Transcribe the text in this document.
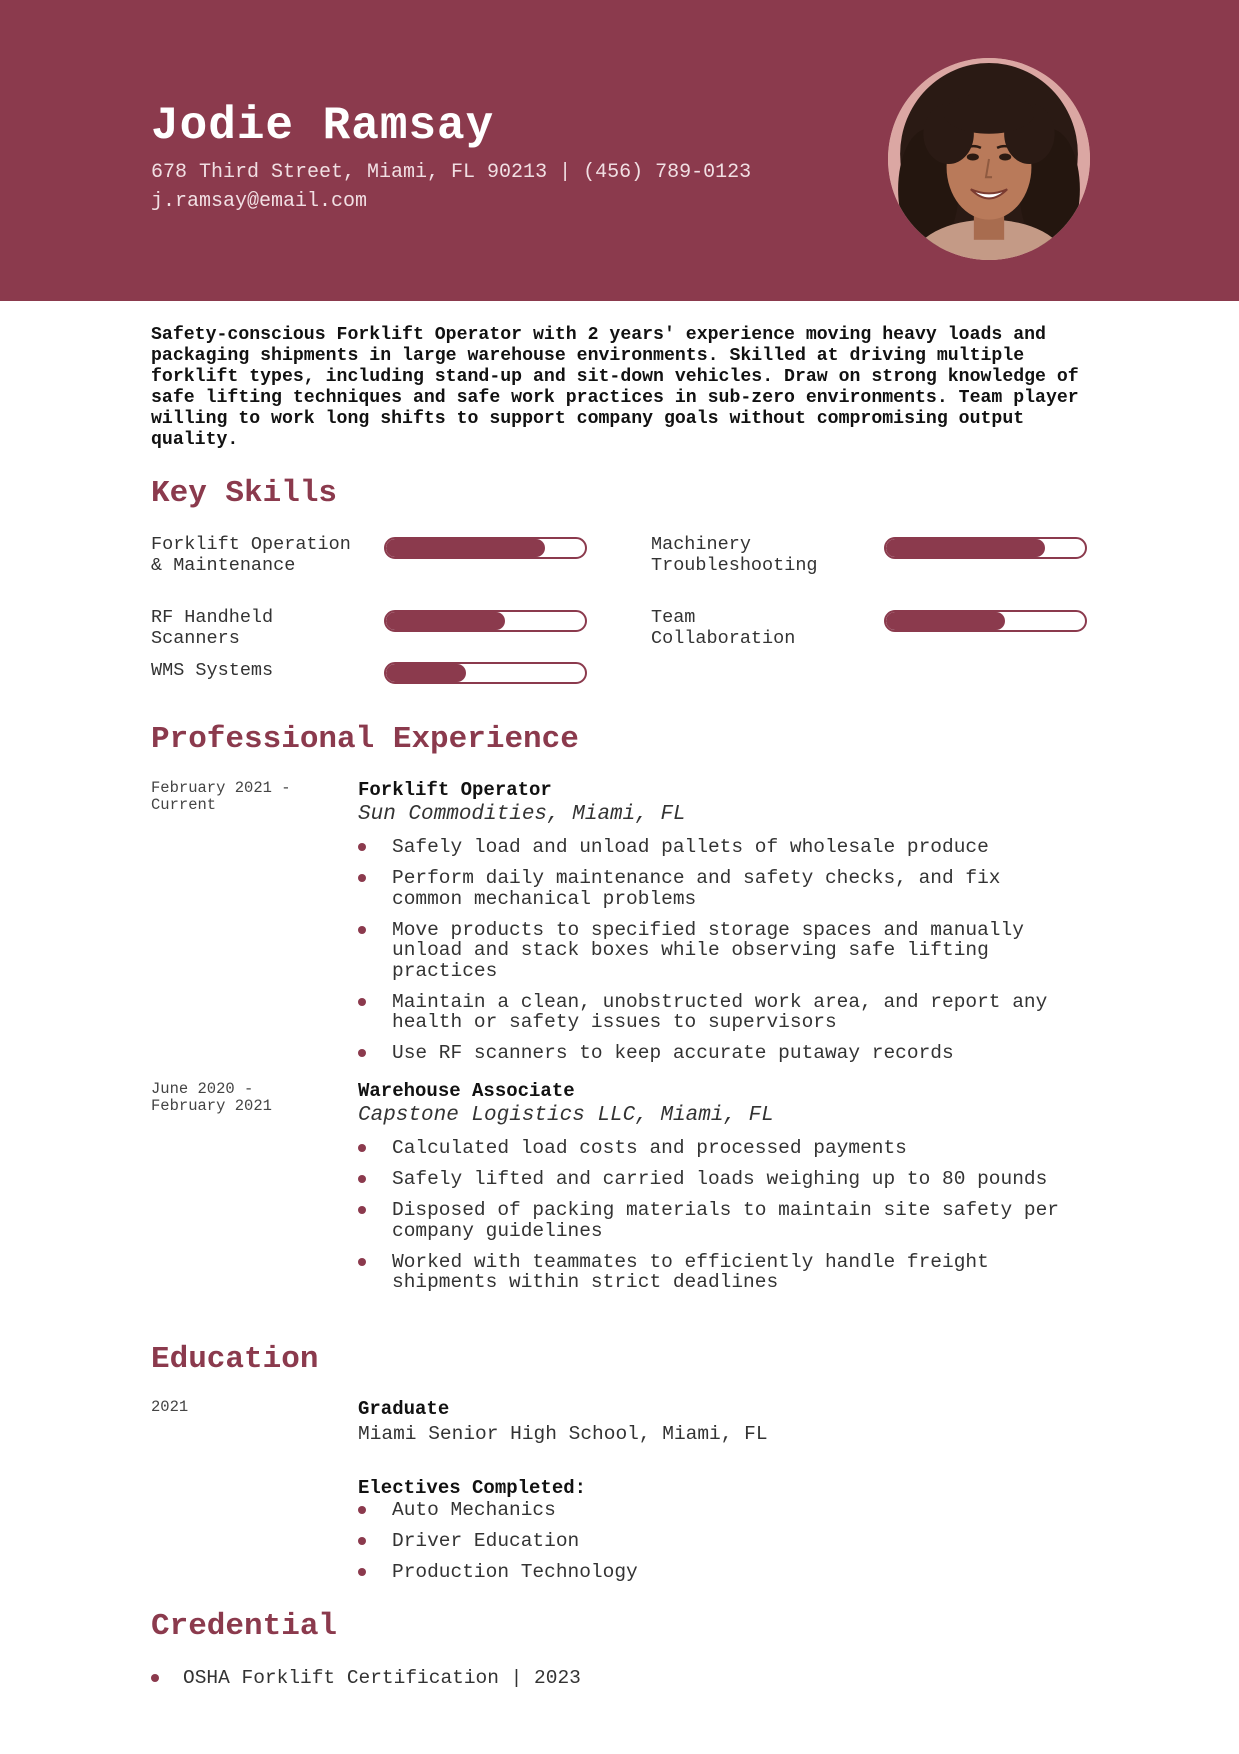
Jodie Ramsay
678 Third Street, Miami, FL 90213 | (456) 789-0123
j.ramsay@email.com
Safety-conscious Forklift Operator with 2 years' experience moving heavy loads and packaging shipments in large warehouse environments. Skilled at driving multiple forklift types, including stand-up and sit-down vehicles. Draw on strong knowledge of safe lifting techniques and safe work practices in sub-zero environments. Team player willing to work long shifts to support company goals without compromising output quality.
Key Skills
Forklift Operation & Maintenance
Machinery Troubleshooting
RF Handheld Scanners
Team Collaboration
WMS Systems
Professional Experience
February 2021 - Current
Forklift Operator
Sun Commodities, Miami, FL
Safely load and unload pallets of wholesale produce
Perform daily maintenance and safety checks, and fix common mechanical problems
Move products to specified storage spaces and manually unload and stack boxes while observing safe lifting practices
Maintain a clean, unobstructed work area, and report any health or safety issues to supervisors
Use RF scanners to keep accurate putaway records
June 2020 - February 2021
Warehouse Associate
Capstone Logistics LLC, Miami, FL
Calculated load costs and processed payments
Safely lifted and carried loads weighing up to 80 pounds
Disposed of packing materials to maintain site safety per company guidelines
Worked with teammates to efficiently handle freight shipments within strict deadlines
Education
2021	Graduate
Miami Senior High School, Miami, FL
Electives Completed:
Auto Mechanics
Driver Education
Production Technology
Credential
OSHA Forklift Certification | 2023
